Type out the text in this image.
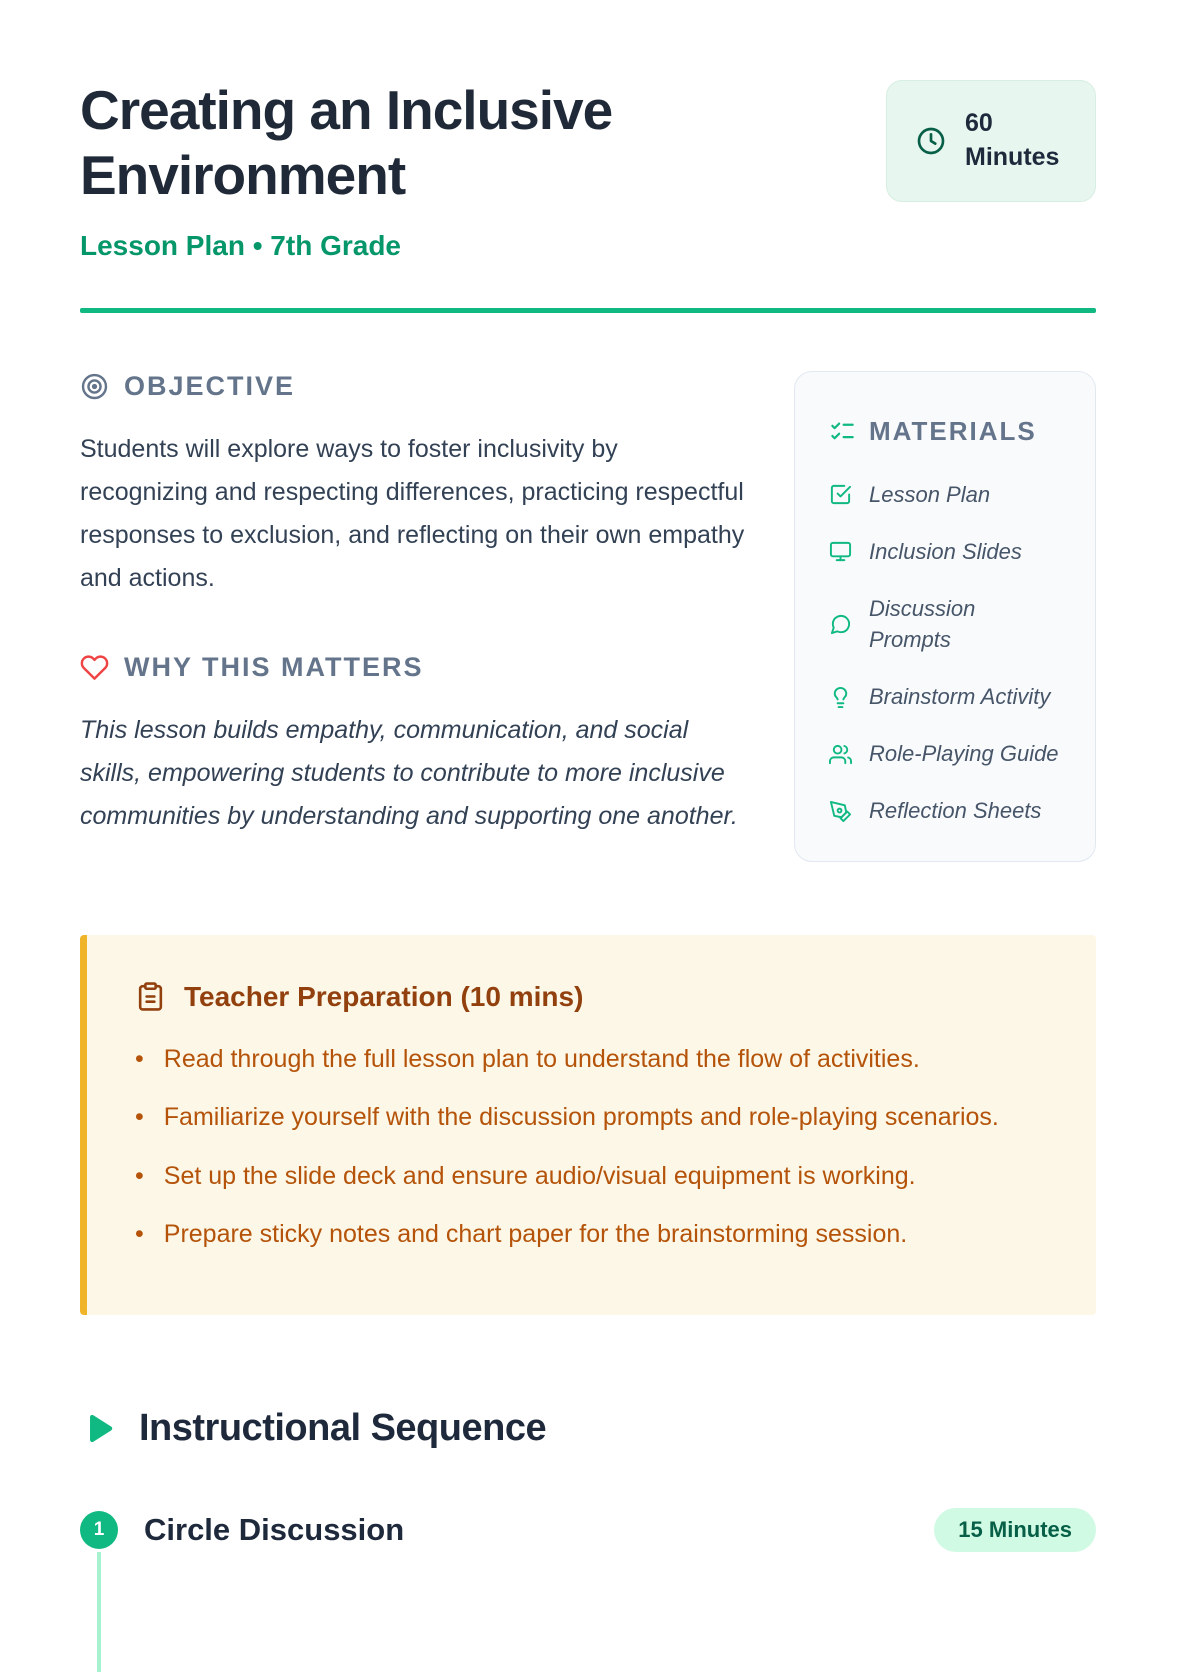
Creating an Inclusive Environment
Lesson Plan • 7th Grade
60 Minutes
OBJECTIVE

Students will explore ways to foster inclusivity by recognizing and respecting differences, practicing respectful responses to exclusion, and reflecting on their own empathy and actions.

WHY THIS MATTERS

This lesson builds empathy, communication, and social skills, empowering students to contribute to more inclusive communities by understanding and supporting one another.

MATERIALS
Lesson Plan
Inclusion Slides
Discussion Prompts
Brainstorm Activity
Role-Playing Guide
Reflection Sheets
Teacher Preparation (10 mins)
• Read through the full lesson plan to understand the flow of activities.
• Familiarize yourself with the discussion prompts and role-playing scenarios.
• Set up the slide deck and ensure audio/visual equipment is working.
• Prepare sticky notes and chart paper for the brainstorming session.
Instructional Sequence
1	Circle Discussion	15 Minutes
